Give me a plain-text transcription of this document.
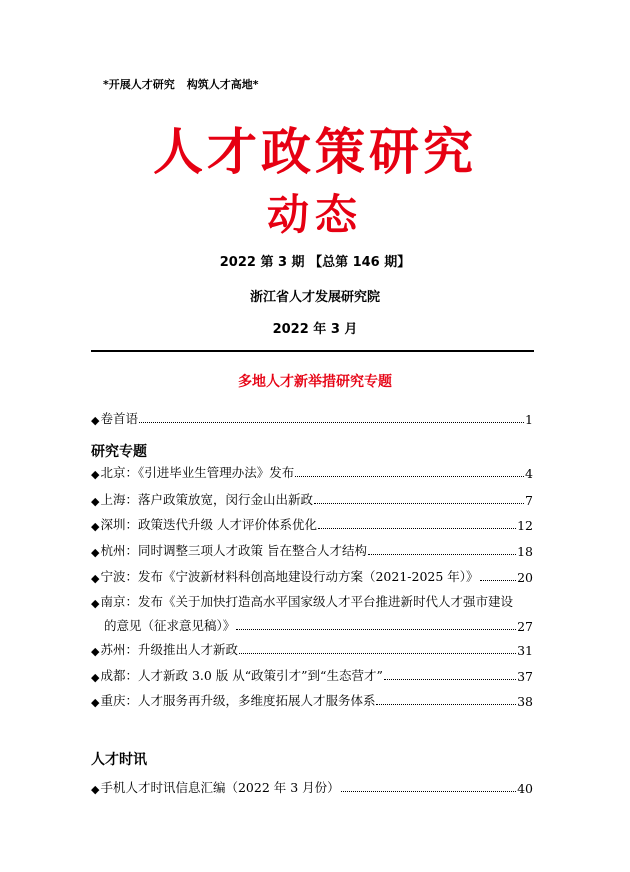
*开展人才研究 构筑人才高地*
人才政策研究
动态
2022 第 3 期 【总第 146 期】
浙江省人才发展研究院
2022 年 3 月
多地人才新举措研究专题
◆ 卷首语	1
研究专题
◆ 北京：《引进毕业生管理办法》发布	4
◆ 上海：落户政策放宽，闵行金山出新政	7
◆ 深圳：政策迭代升级 人才评价体系优化	12
◆ 杭州：同时调整三项人才政策 旨在整合人才结构	18
◆ 宁波：发布《宁波新材料科创高地建设行动方案（2021-2025 年）》	20
◆ 南京：发布《关于加快打造高水平国家级人才平台推进新时代人才强市建设
的意见（征求意见稿）》	27
◆ 苏州：升级推出人才新政	31
◆ 成都：人才新政 3.0 版 从“政策引才”到“生态营才”	37
◆ 重庆：人才服务再升级，多维度拓展人才服务体系	38
人才时讯
◆ 手机人才时讯信息汇编（2022 年 3 月份）	40
